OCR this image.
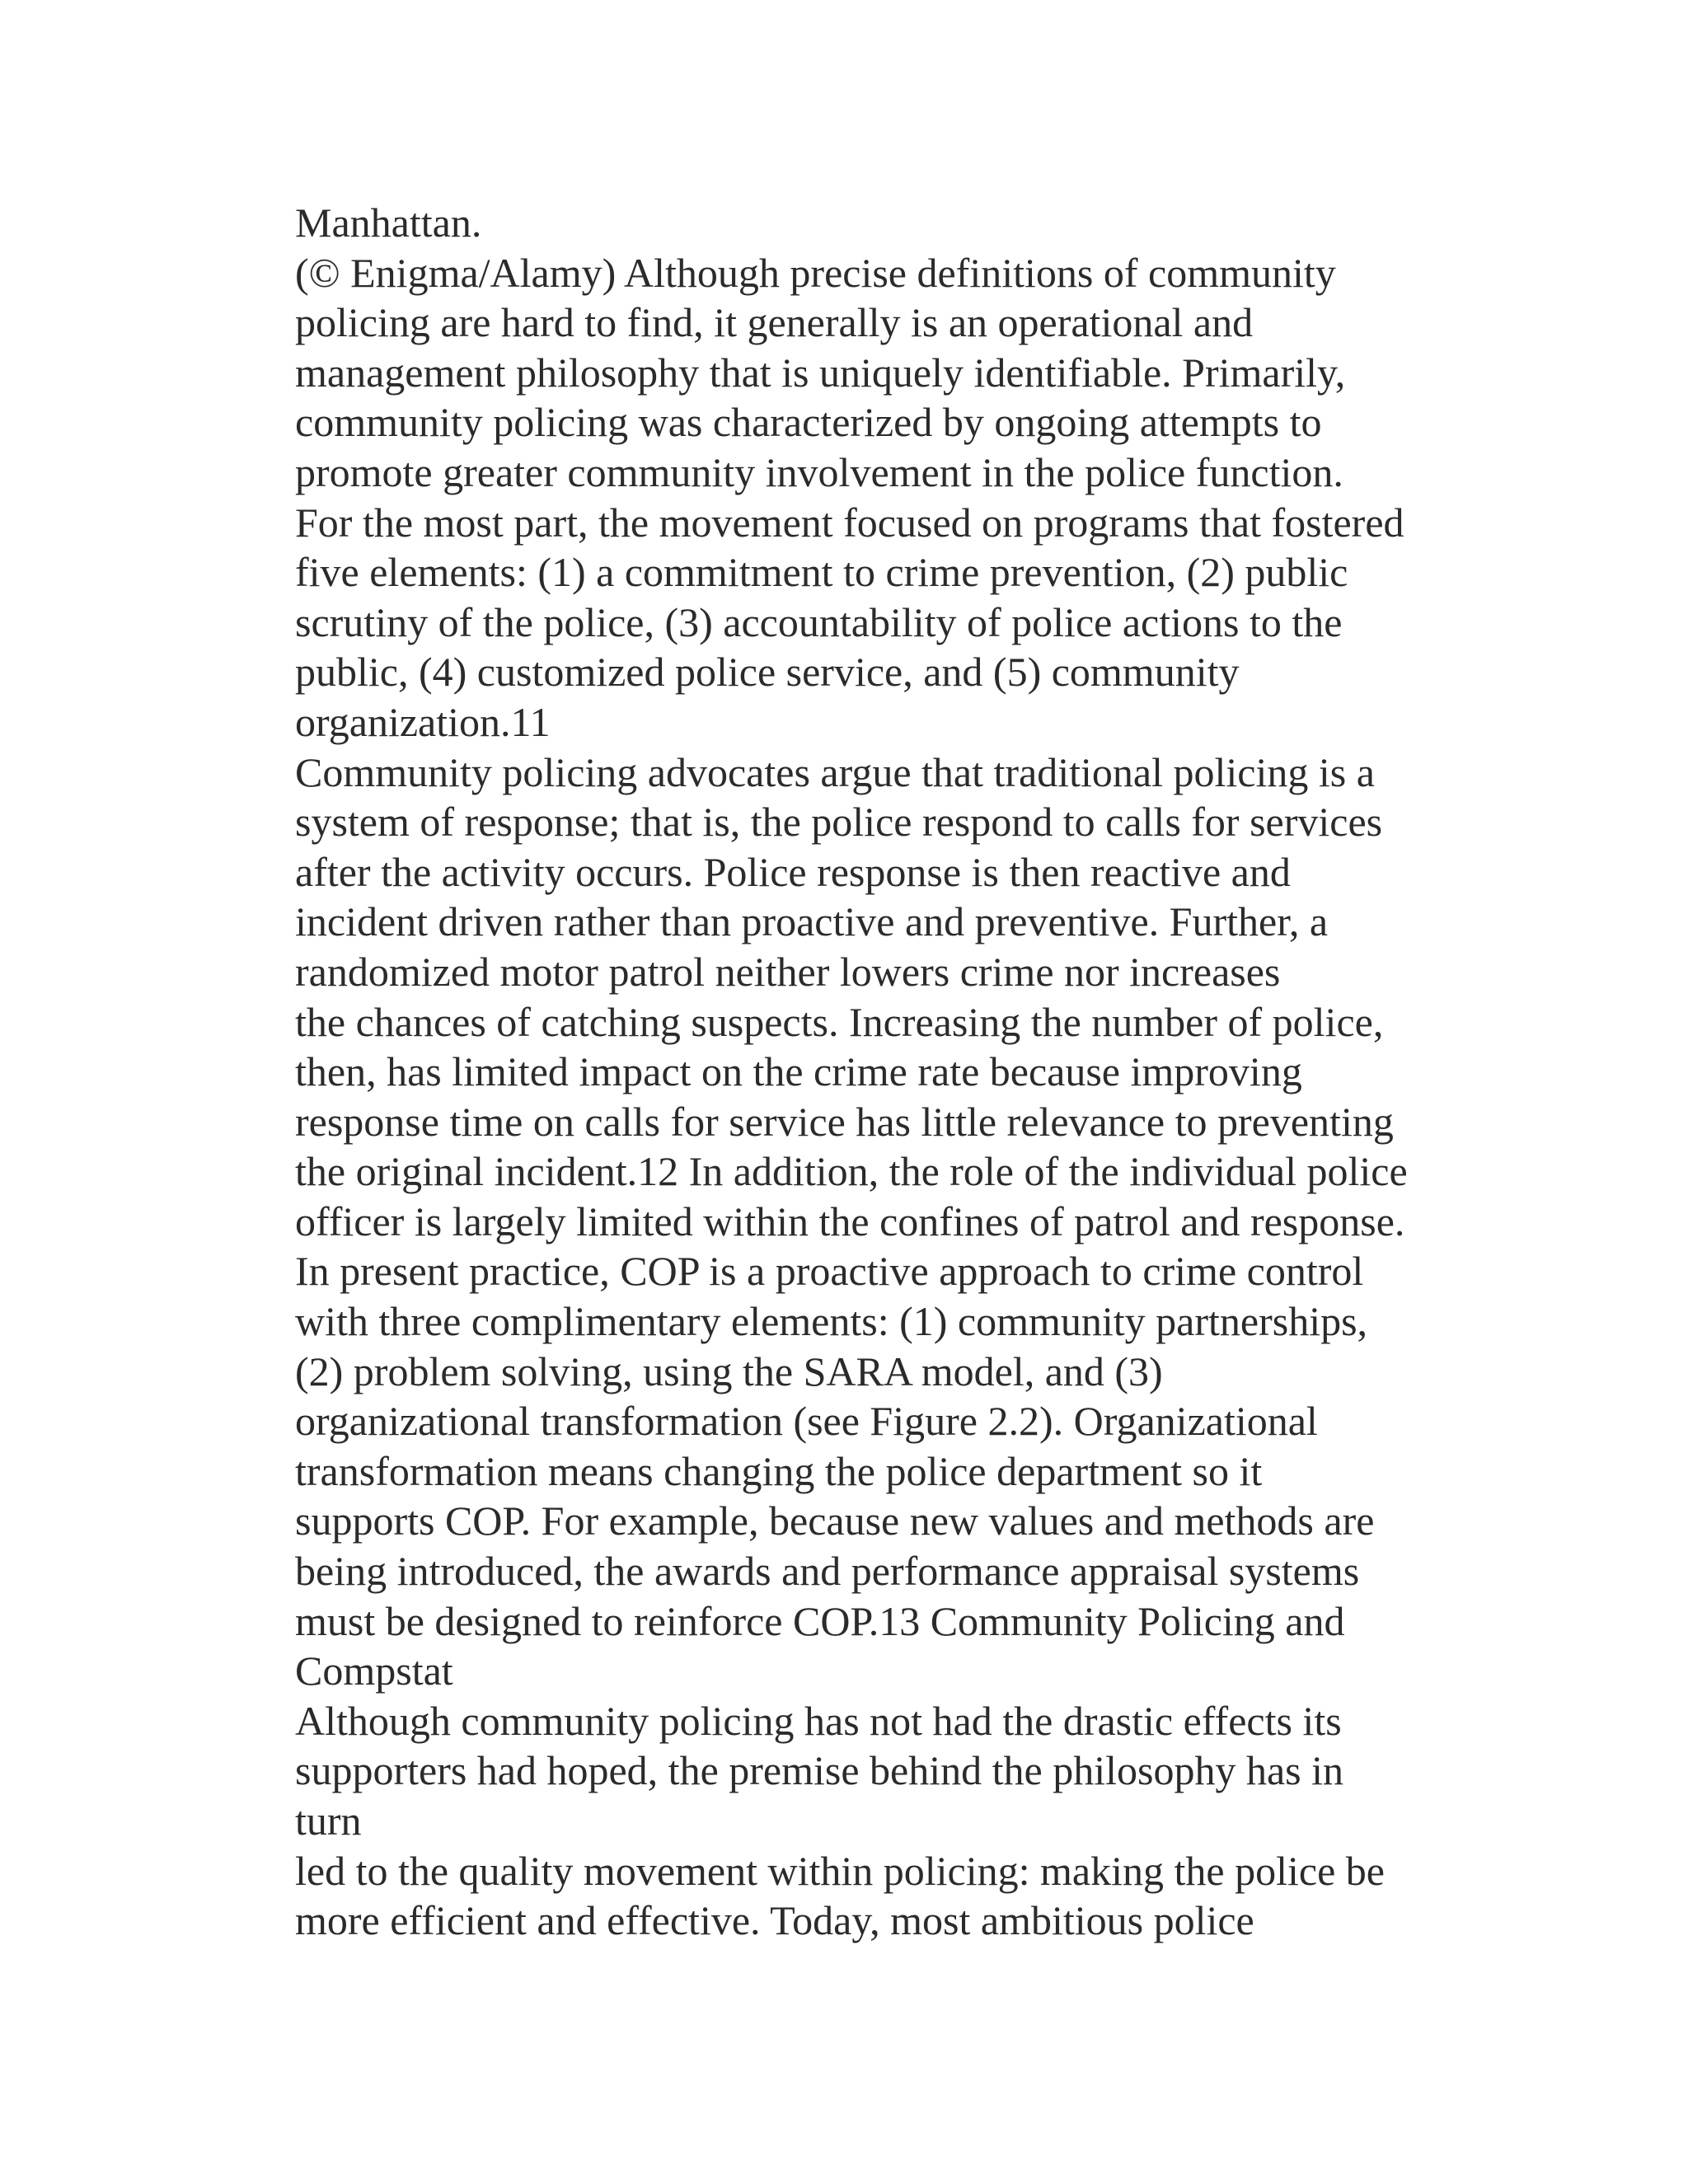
Manhattan.
(© Enigma/Alamy) Although precise definitions of community
policing are hard to find, it generally is an operational and
management philosophy that is uniquely identifiable. Primarily,
community policing was characterized by ongoing attempts to
promote greater community involvement in the police function.
For the most part, the movement focused on programs that fostered
five elements: (1) a commitment to crime prevention, (2) public
scrutiny of the police, (3) accountability of police actions to the
public, (4) customized police service, and (5) community
organization.11
Community policing advocates argue that traditional policing is a
system of response; that is, the police respond to calls for services
after the activity occurs. Police response is then reactive and
incident driven rather than proactive and preventive. Further, a
randomized motor patrol neither lowers crime nor increases
the chances of catching suspects. Increasing the number of police,
then, has limited impact on the crime rate because improving
response time on calls for service has little relevance to preventing
the original incident.12 In addition, the role of the individual police
officer is largely limited within the confines of patrol and response.
In present practice, COP is a proactive approach to crime control
with three complimentary elements: (1) community partnerships,
(2) problem solving, using the SARA model, and (3)
organizational transformation (see Figure 2.2). Organizational
transformation means changing the police department so it
supports COP. For example, because new values and methods are
being introduced, the awards and performance appraisal systems
must be designed to reinforce COP.13 Community Policing and
Compstat
Although community policing has not had the drastic effects its
supporters had hoped, the premise behind the philosophy has in
turn
led to the quality movement within policing: making the police be
more efficient and effective. Today, most ambitious police
